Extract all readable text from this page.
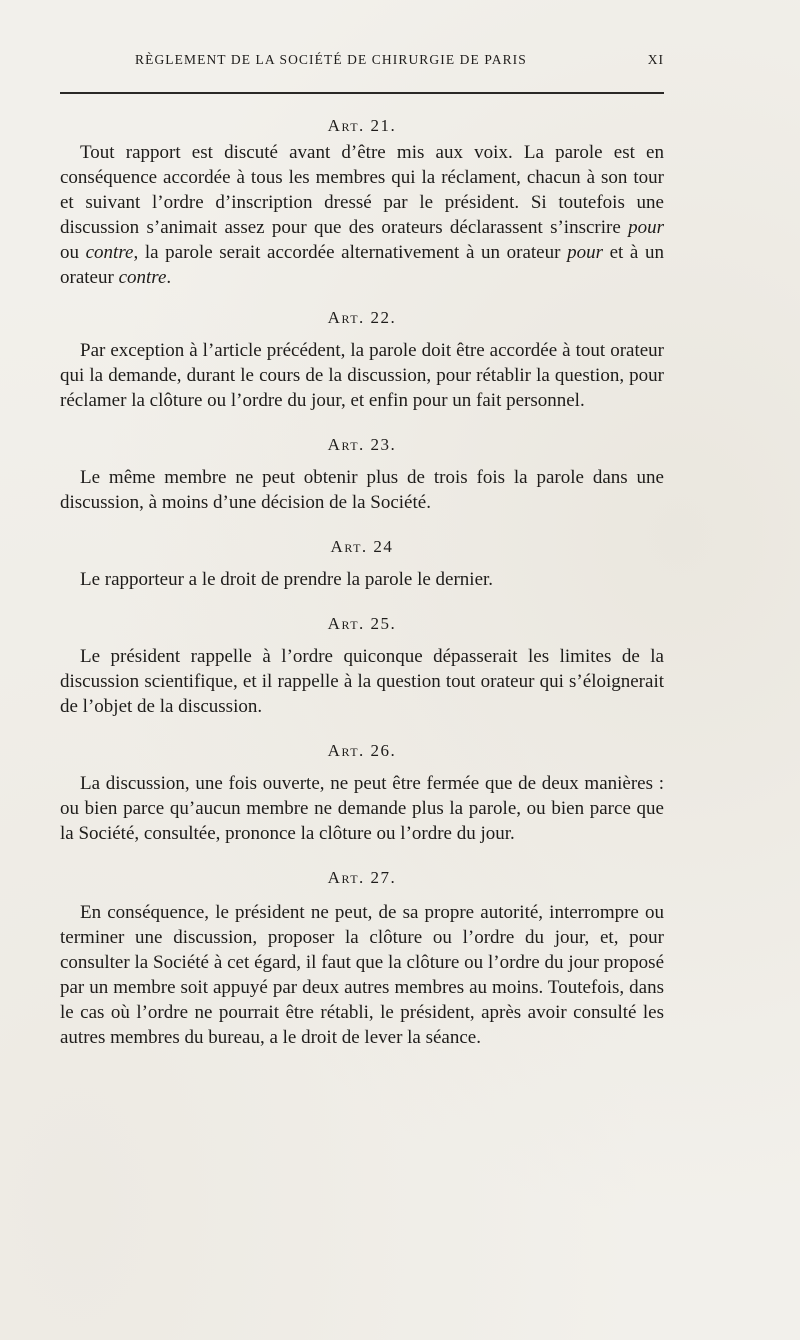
RÈGLEMENT DE LA SOCIÉTÉ DE CHIRURGIE DE PARIS	XI

Art. 21.

Tout rapport est discuté avant d’être mis aux voix. La parole est en conséquence accordée à tous les membres qui la réclament, chacun à son tour et suivant l’ordre d’inscription dressé par le président. Si toutefois une discussion s’animait assez pour que des orateurs déclarassent s’inscrire pour ou contre, la parole serait accordée alternativement à un orateur pour et à un orateur contre.

Art. 22.

Par exception à l’article précédent, la parole doit être accordée à tout orateur qui la demande, durant le cours de la discussion, pour rétablir la question, pour réclamer la clôture ou l’ordre du jour, et enfin pour un fait personnel.

Art. 23.

Le même membre ne peut obtenir plus de trois fois la parole dans une discussion, à moins d’une décision de la Société.

Art. 24

Le rapporteur a le droit de prendre la parole le dernier.

Art. 25.

Le président rappelle à l’ordre quiconque dépasserait les limites de la discussion scientifique, et il rappelle à la question tout orateur qui s’éloignerait de l’objet de la discussion.

Art. 26.

La discussion, une fois ouverte, ne peut être fermée que de deux manières : ou bien parce qu’aucun membre ne demande plus la parole, ou bien parce que la Société, consultée, prononce la clôture ou l’ordre du jour.

Art. 27.

En conséquence, le président ne peut, de sa propre autorité, interrompre ou terminer une discussion, proposer la clôture ou l’ordre du jour, et, pour consulter la Société à cet égard, il faut que la clôture ou l’ordre du jour proposé par un membre soit appuyé par deux autres membres au moins. Toutefois, dans le cas où l’ordre ne pourrait être rétabli, le président, après avoir consulté les autres membres du bureau, a le droit de lever la séance.
